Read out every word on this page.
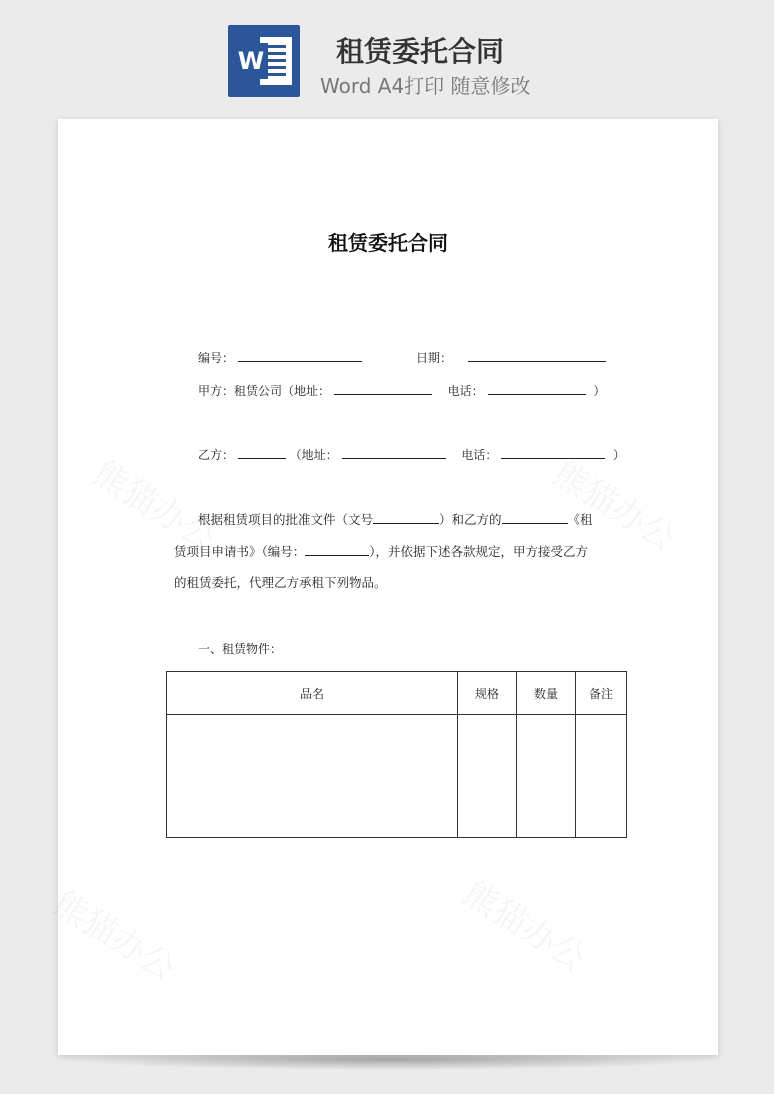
W	租赁委托合同
Word A4打印 随意修改
租赁委托合同
编号：	日期：
甲方：租赁公司（地址：	电话：	）
乙方：	（地址：	电话：	）
根据租赁项目的批准文件（文号	）和乙方的	《租
赁项目申请书》（编号：	），并依据下述各款规定，甲方接受乙方
的租赁委托，代理乙方承租下列物品。
一、租赁物件：
品名	规格	数量	备注
